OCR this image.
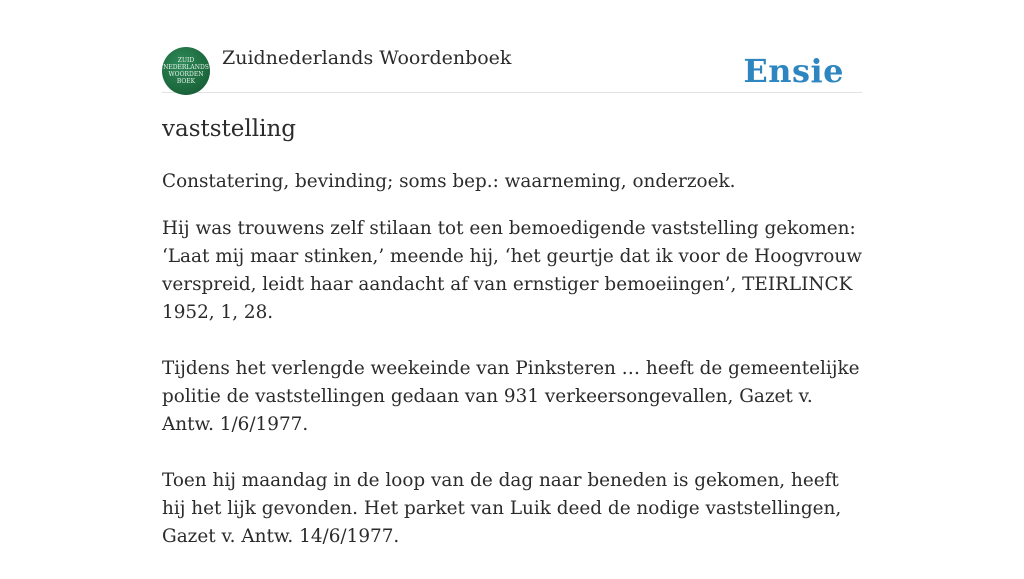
ZUID
NEDERLANDS
WOORDEN
BOEK
Zuidnederlands Woordenboek	Ensie
vaststelling

Constatering, bevinding; soms bep.: waarneming, onderzoek.

Hij was trouwens zelf stilaan tot een bemoedigende vaststelling gekomen: ‘Laat mij maar stinken,’ meende hij, ‘het geurtje dat ik voor de Hoogvrouw verspreid, leidt haar aandacht af van ernstiger bemoeiingen’, TEIRLINCK 1952, 1, 28.

Tijdens het verlengde weekeinde van Pinksteren … heeft de gemeentelijke politie de vaststellingen gedaan van 931 verkeersongevallen, Gazet v. Antw. 1/6/1977.

Toen hij maandag in de loop van de dag naar beneden is gekomen, heeft hij het lijk gevonden. Het parket van Luik deed de nodige vaststellingen, Gazet v. Antw. 14/6/1977.
